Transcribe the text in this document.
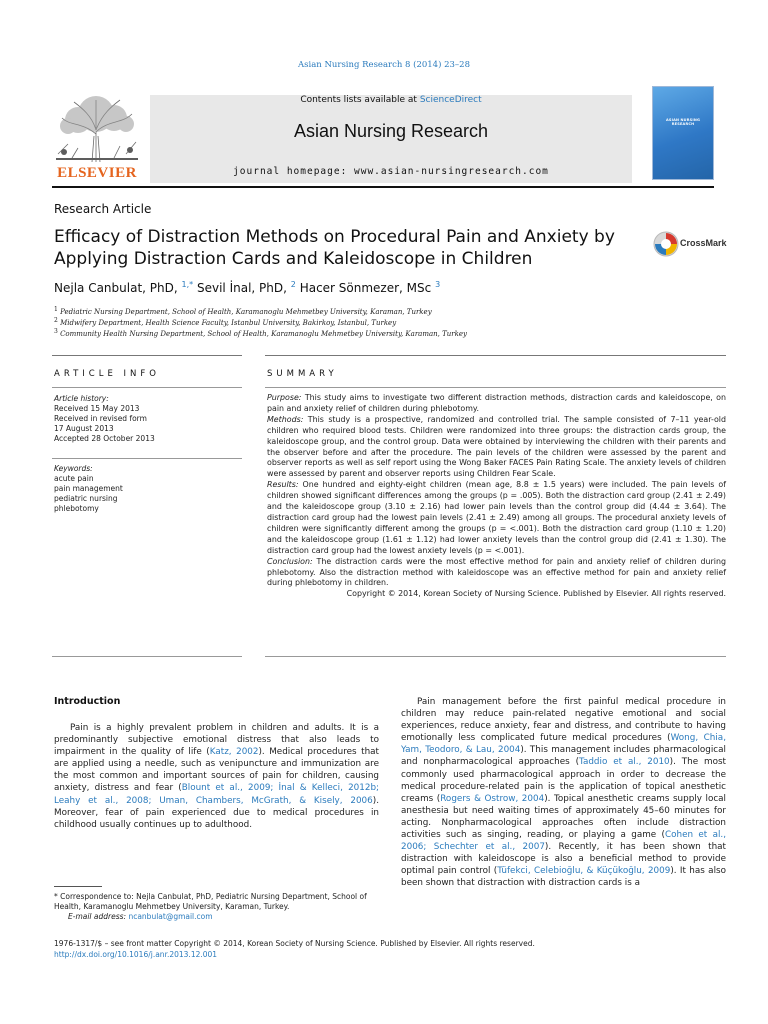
Asian Nursing Research 8 (2014) 23–28
ELSEVIER
Contents lists available at ScienceDirect
Asian Nursing Research
journal homepage: www.asian-nursingresearch.com
ASIAN NURSING RESEARCH
Research Article
Efficacy of Distraction Methods on Procedural Pain and Anxiety by Applying Distraction Cards and Kaleidoscope in Children
CrossMark
Nejla Canbulat, PhD, $^{1,*}$ Sevil İnal, PhD, $^2$ Hacer Sönmezer, MSc $^3$
$^1$ Pediatric Nursing Department, School of Health, Karamanoglu Mehmetbey University, Karaman, Turkey
$^2$ Midwifery Department, Health Science Faculty, Istanbul University, Bakirkoy, Istanbul, Turkey
$^3$ Community Health Nursing Department, School of Health, Karamanoglu Mehmetbey University, Karaman, Turkey
ARTICLE INFO	SUMMARY
Article history:
Received 15 May 2013
Received in revised form
17 August 2013
Accepted 28 October 2013
Keywords:
acute pain
pain management
pediatric nursing
phlebotomy
Purpose: This study aims to investigate two different distraction methods, distraction cards and kaleidoscope, on pain and anxiety relief of children during phlebotomy.
Methods: This study is a prospective, randomized and controlled trial. The sample consisted of 7–11 year-old children who required blood tests. Children were randomized into three groups: the distraction cards group, the kaleidoscope group, and the control group. Data were obtained by interviewing the children with their parents and the observer before and after the procedure. The pain levels of the children were assessed by the parent and observer reports as well as self report using the Wong Baker FACES Pain Rating Scale. The anxiety levels of children were assessed by parent and observer reports using Children Fear Scale.
Results: One hundred and eighty-eight children (mean age, 8.8 ± 1.5 years) were included. The pain levels of children showed significant differences among the groups (p = .005). Both the distraction card group (2.41 ± 2.49) and the kaleidoscope group (3.10 ± 2.16) had lower pain levels than the control group did (4.44 ± 3.64). The distraction card group had the lowest pain levels (2.41 ± 2.49) among all groups. The procedural anxiety levels of children were significantly different among the groups (p = <.001). Both the distraction card group (1.10 ± 1.20) and the kaleidoscope group (1.61 ± 1.12) had lower anxiety levels than the control group did (2.41 ± 1.30). The distraction card group had the lowest anxiety levels (p = <.001).
Conclusion: The distraction cards were the most effective method for pain and anxiety relief of children during phlebotomy. Also the distraction method with kaleidoscope was an effective method for pain and anxiety relief during phlebotomy in children.
Copyright © 2014, Korean Society of Nursing Science. Published by Elsevier. All rights reserved.
Introduction
Pain is a highly prevalent problem in children and adults. It is a predominantly subjective emotional distress that also leads to impairment in the quality of life (Katz, 2002). Medical procedures that are applied using a needle, such as venipuncture and immunization are the most common and important sources of pain for children, causing anxiety, distress and fear (Blount et al., 2009; İnal & Kelleci, 2012b; Leahy et al., 2008; Uman, Chambers, McGrath, & Kisely, 2006). Moreover, fear of pain experienced due to medical procedures in childhood usually continues up to adulthood.
Pain management before the first painful medical procedure in children may reduce pain-related negative emotional and social experiences, reduce anxiety, fear and distress, and contribute to having emotionally less complicated future medical procedures (Wong, Chia, Yam, Teodoro, & Lau, 2004). This management includes pharmacological and nonpharmacological approaches (Taddio et al., 2010). The most commonly used pharmacological approach in order to decrease the medical procedure-related pain is the application of topical anesthetic creams (Rogers & Ostrow, 2004). Topical anesthetic creams supply local anesthesia but need waiting times of approximately 45–60 minutes for acting. Nonpharmacological approaches often include distraction activities such as singing, reading, or playing a game (Cohen et al., 2006; Schechter et al., 2007). Recently, it has been shown that distraction with kaleidoscope is also a beneficial method to provide optimal pain control (Tüfekci, Celebioğlu, & Küçükoğlu, 2009). It has also been shown that distraction with distraction cards is a
* Correspondence to: Nejla Canbulat, PhD, Pediatric Nursing Department, School of Health, Karamanoglu Mehmetbey University, Karaman, Turkey.
E-mail address: ncanbulat@gmail.com
1976-1317/$ – see front matter Copyright © 2014, Korean Society of Nursing Science. Published by Elsevier. All rights reserved.
http://dx.doi.org/10.1016/j.anr.2013.12.001
